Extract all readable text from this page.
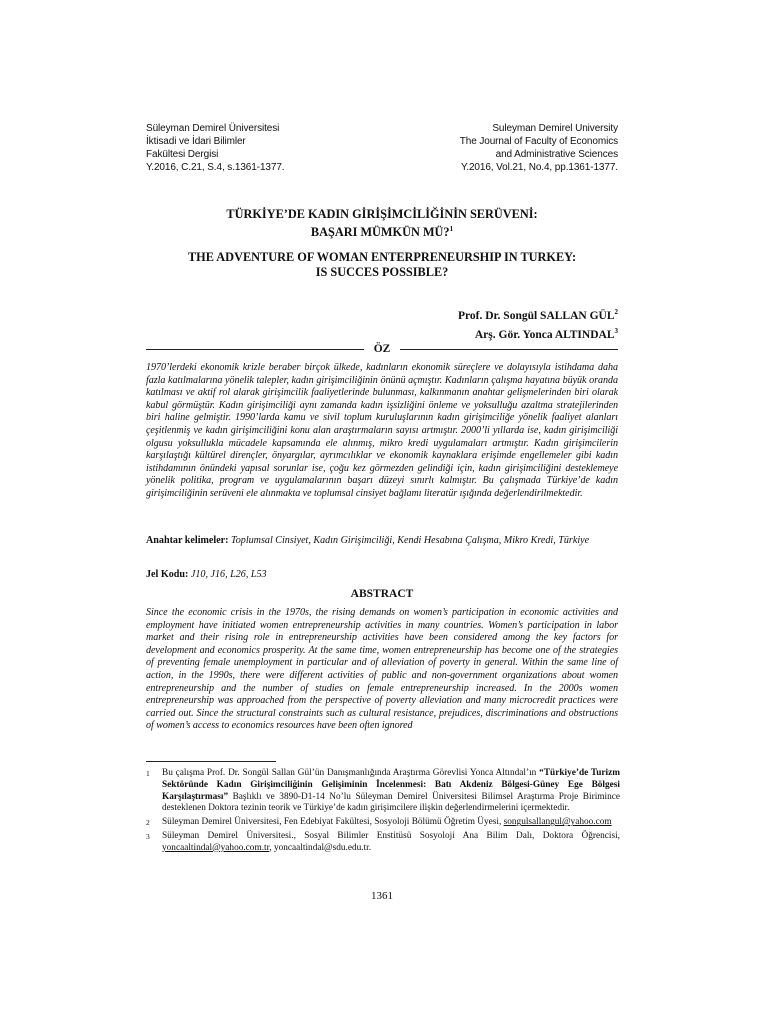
Süleyman Demirel Üniversitesi
İktisadi ve İdari Bilimler
Fakültesi Dergisi
Y.2016, C.21, S.4, s.1361-1377.
Suleyman Demirel University
The Journal of Faculty of Economics
and Administrative Sciences
Y.2016, Vol.21, No.4, pp.1361-1377.
TÜRKİYE’DE KADIN GİRİŞİMCİLİĞİNİN SERÜVENİ:
BAŞARI MÜMKÜN MÜ?$^1$
THE ADVENTURE OF WOMAN ENTERPRENEURSHIP IN TURKEY:
IS SUCCES POSSIBLE?
Prof. Dr. Songül SALLAN GÜL$^2$
Arş. Gör. Yonca ALTINDAL$^3$
ÖZ
1970’lerdeki ekonomik krizle beraber birçok ülkede, kadınların ekonomik süreçlere ve dolayısıyla istihdama daha fazla katılmalarına yönelik talepler, kadın girişimciliğinin önünü açmıştır. Kadınların çalışma hayatına büyük oranda katılması ve aktif rol alarak girişimcilik faaliyetlerinde bulunması, kalkınmanın anahtar gelişmelerinden biri olarak kabul görmüştür. Kadın girişimciliği aynı zamanda kadın işsizliğini önleme ve yoksulluğu azaltma stratejilerinden biri haline gelmiştir. 1990’larda kamu ve sivil toplum kuruluşlarının kadın girişimciliğe yönelik faaliyet alanları çeşitlenmiş ve kadın girişimciliğini konu alan araştırmaların sayısı artmıştır. 2000’li yıllarda ise, kadın girişimciliği olgusu yoksullukla mücadele kapsamında ele alınmış, mikro kredi uygulamaları artmıştır. Kadın girişimcilerin karşılaştığı kültürel dirençler, önyargılar, ayrımcılıklar ve ekonomik kaynaklara erişimde engellemeler gibi kadın istihdamının önündeki yapısal sorunlar ise, çoğu kez görmezden gelindiği için, kadın girişimciliğini desteklemeye yönelik politika, program ve uygulamalarının başarı düzeyi sınırlı kalmıştır. Bu çalışmada Türkiye’de kadın girişimciliğinin serüveni ele alınmakta ve toplumsal cinsiyet bağlamı literatür ışığında değerlendirilmektedir.
Anahtar kelimeler: Toplumsal Cinsiyet, Kadın Girişimciliği, Kendi Hesabına Çalışma, Mikro Kredi, Türkiye
Jel Kodu: J10, J16, L26, L53
ABSTRACT
Since the economic crisis in the 1970s, the rising demands on women’s participation in economic activities and employment have initiated women entrepreneurship activities in many countries. Women’s participation in labor market and their rising role in entrepreneurship activities have been considered among the key factors for development and economics prosperity. At the same time, women entrepreneurship has become one of the strategies of preventing female unemployment in particular and of alleviation of poverty in general. Within the same line of action, in the 1990s, there were different activities of public and non-government organizations about women entrepreneurship and the number of studies on female entrepreneurship increased. In the 2000s women entrepreneurship was approached from the perspective of poverty alleviation and many microcredit practices were carried out. Since the structural constraints such as cultural resistance, prejudices, discriminations and obstructions of women’s access to economics resources have been often ignored
1	Bu çalışma Prof. Dr. Songül Sallan Gül’ün Danışmanlığında Araştırma Görevlisi Yonca Altındal’ın “Türkiye’de Turizm Sektöründe Kadın Girişimciliğinin Gelişiminin İncelenmesi: Batı Akdeniz Bölgesi-Güney Ege Bölgesi Karşılaştırması” Başlıklı ve 3890-D1-14 No’lu Süleyman Demirel Üniversitesi Bilimsel Araştırma Proje Birimince desteklenen Doktora tezinin teorik ve Türkiye’de kadın girişimcilere ilişkin değerlendirmelerini içermektedir.
2	Süleyman Demirel Üniversitesi, Fen Edebiyat Fakültesi, Sosyoloji Bölümü Öğretim Üyesi, songulsallangul@yahoo.com
3	Süleyman Demirel Üniversitesi., Sosyal Bilimler Enstitüsü Sosyoloji Ana Bilim Dalı, Doktora Öğrencisi, yoncaaltindal@yahoo.com.tr, yoncaaltindal@sdu.edu.tr.
1361
